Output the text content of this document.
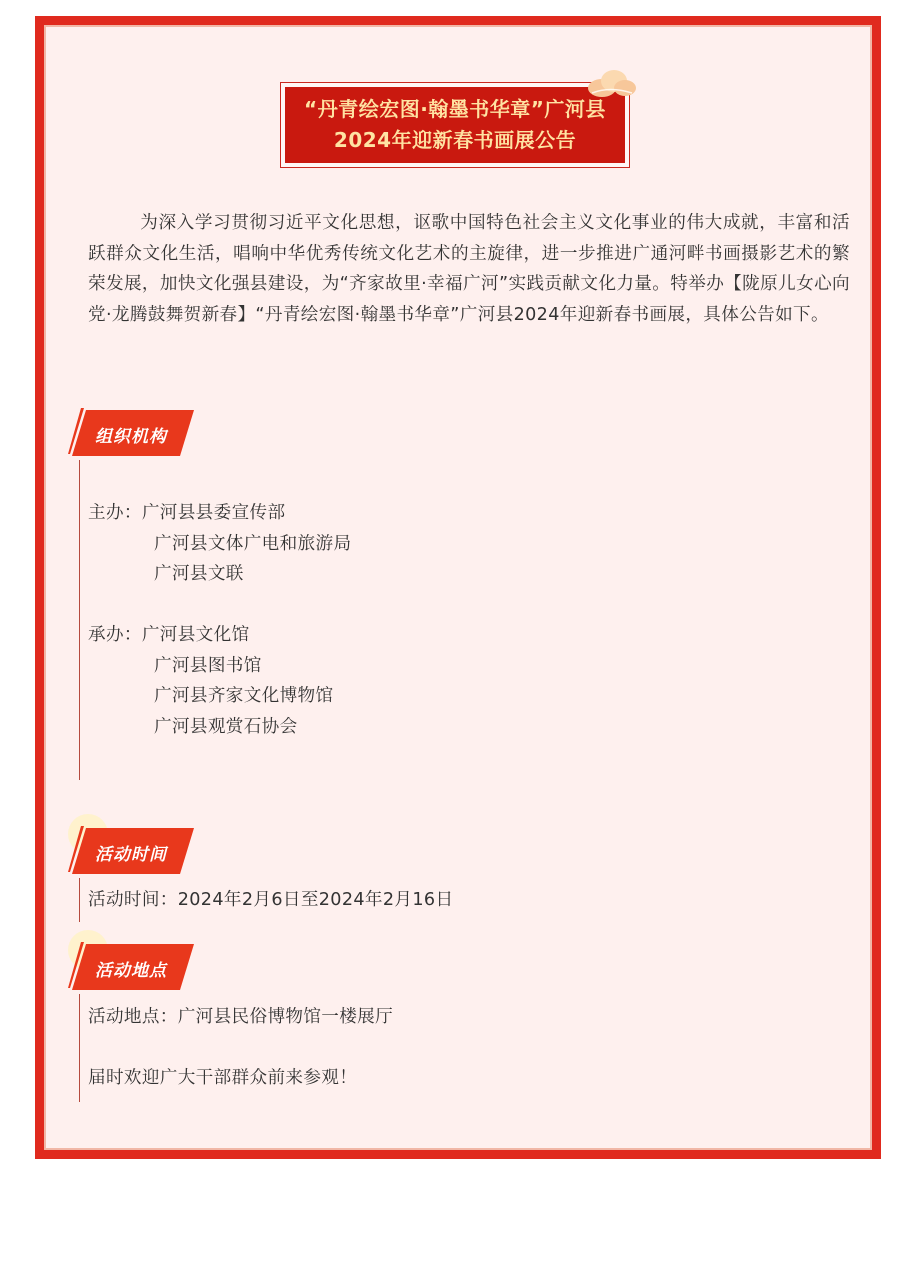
“丹青绘宏图·翰墨书华章”广河县
2024年迎新春书画展公告

为深入学习贯彻习近平文化思想，讴歌中国特色社会主义文化事业的伟大成就，丰富和活跃群众文化生活，唱响中华优秀传统文化艺术的主旋律，进一步推进广通河畔书画摄影艺术的繁荣发展，加快文化强县建设，为“齐家故里·幸福广河”实践贡献文化力量。特举办【陇原儿女心向党·龙腾鼓舞贺新春】“丹青绘宏图·翰墨书华章”广河县2024年迎新春书画展，具体公告如下。

组织机构
主办：广河县县委宣传部
广河县文体广电和旅游局
广河县文联
承办：广河县文化馆
广河县图书馆
广河县齐家文化博物馆
广河县观赏石协会
活动时间
活动时间：2024年2月6日至2024年2月16日
活动地点
活动地点：广河县民俗博物馆一楼展厅
届时欢迎广大干部群众前来参观！
